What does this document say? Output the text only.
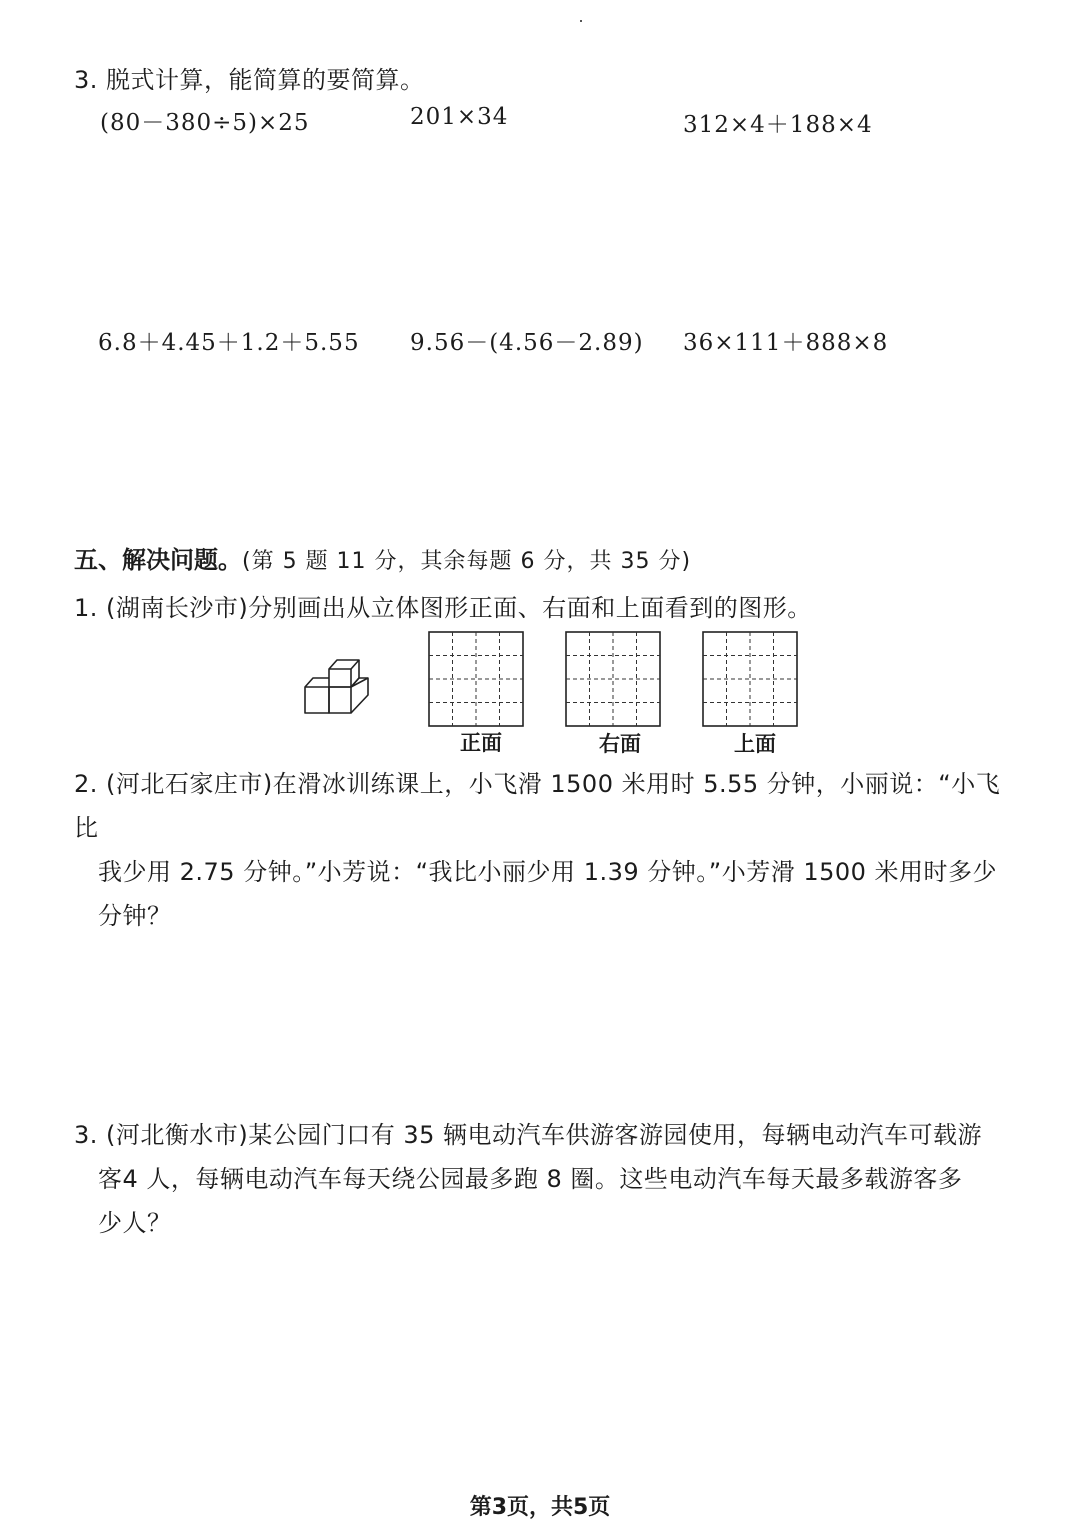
3. 脱式计算，能简算的要简算。
(80－380÷5)×25	201×34	312×4＋188×4
6.8＋4.45＋1.2＋5.55 9.56－(4.56－2.89) 36×111＋888×8
五、解决问题。(第 5 题 11 分，其余每题 6 分，共 35 分)
1. (湖南长沙市)分别画出从立体图形正面、右面和上面看到的图形。
正面	右面	上面
2. (河北石家庄市)在滑冰训练课上，小飞滑 1500 米用时 5.55 分钟，小丽说：“小飞比
我少用 2.75 分钟。”小芳说：“我比小丽少用 1.39 分钟。”小芳滑 1500 米用时多少
分钟？
3. (河北衡水市)某公园门口有 35 辆电动汽车供游客游园使用，每辆电动汽车可载游
客4 人，每辆电动汽车每天绕公园最多跑 8 圈。这些电动汽车每天最多载游客多
少人？
第3页，共5页
